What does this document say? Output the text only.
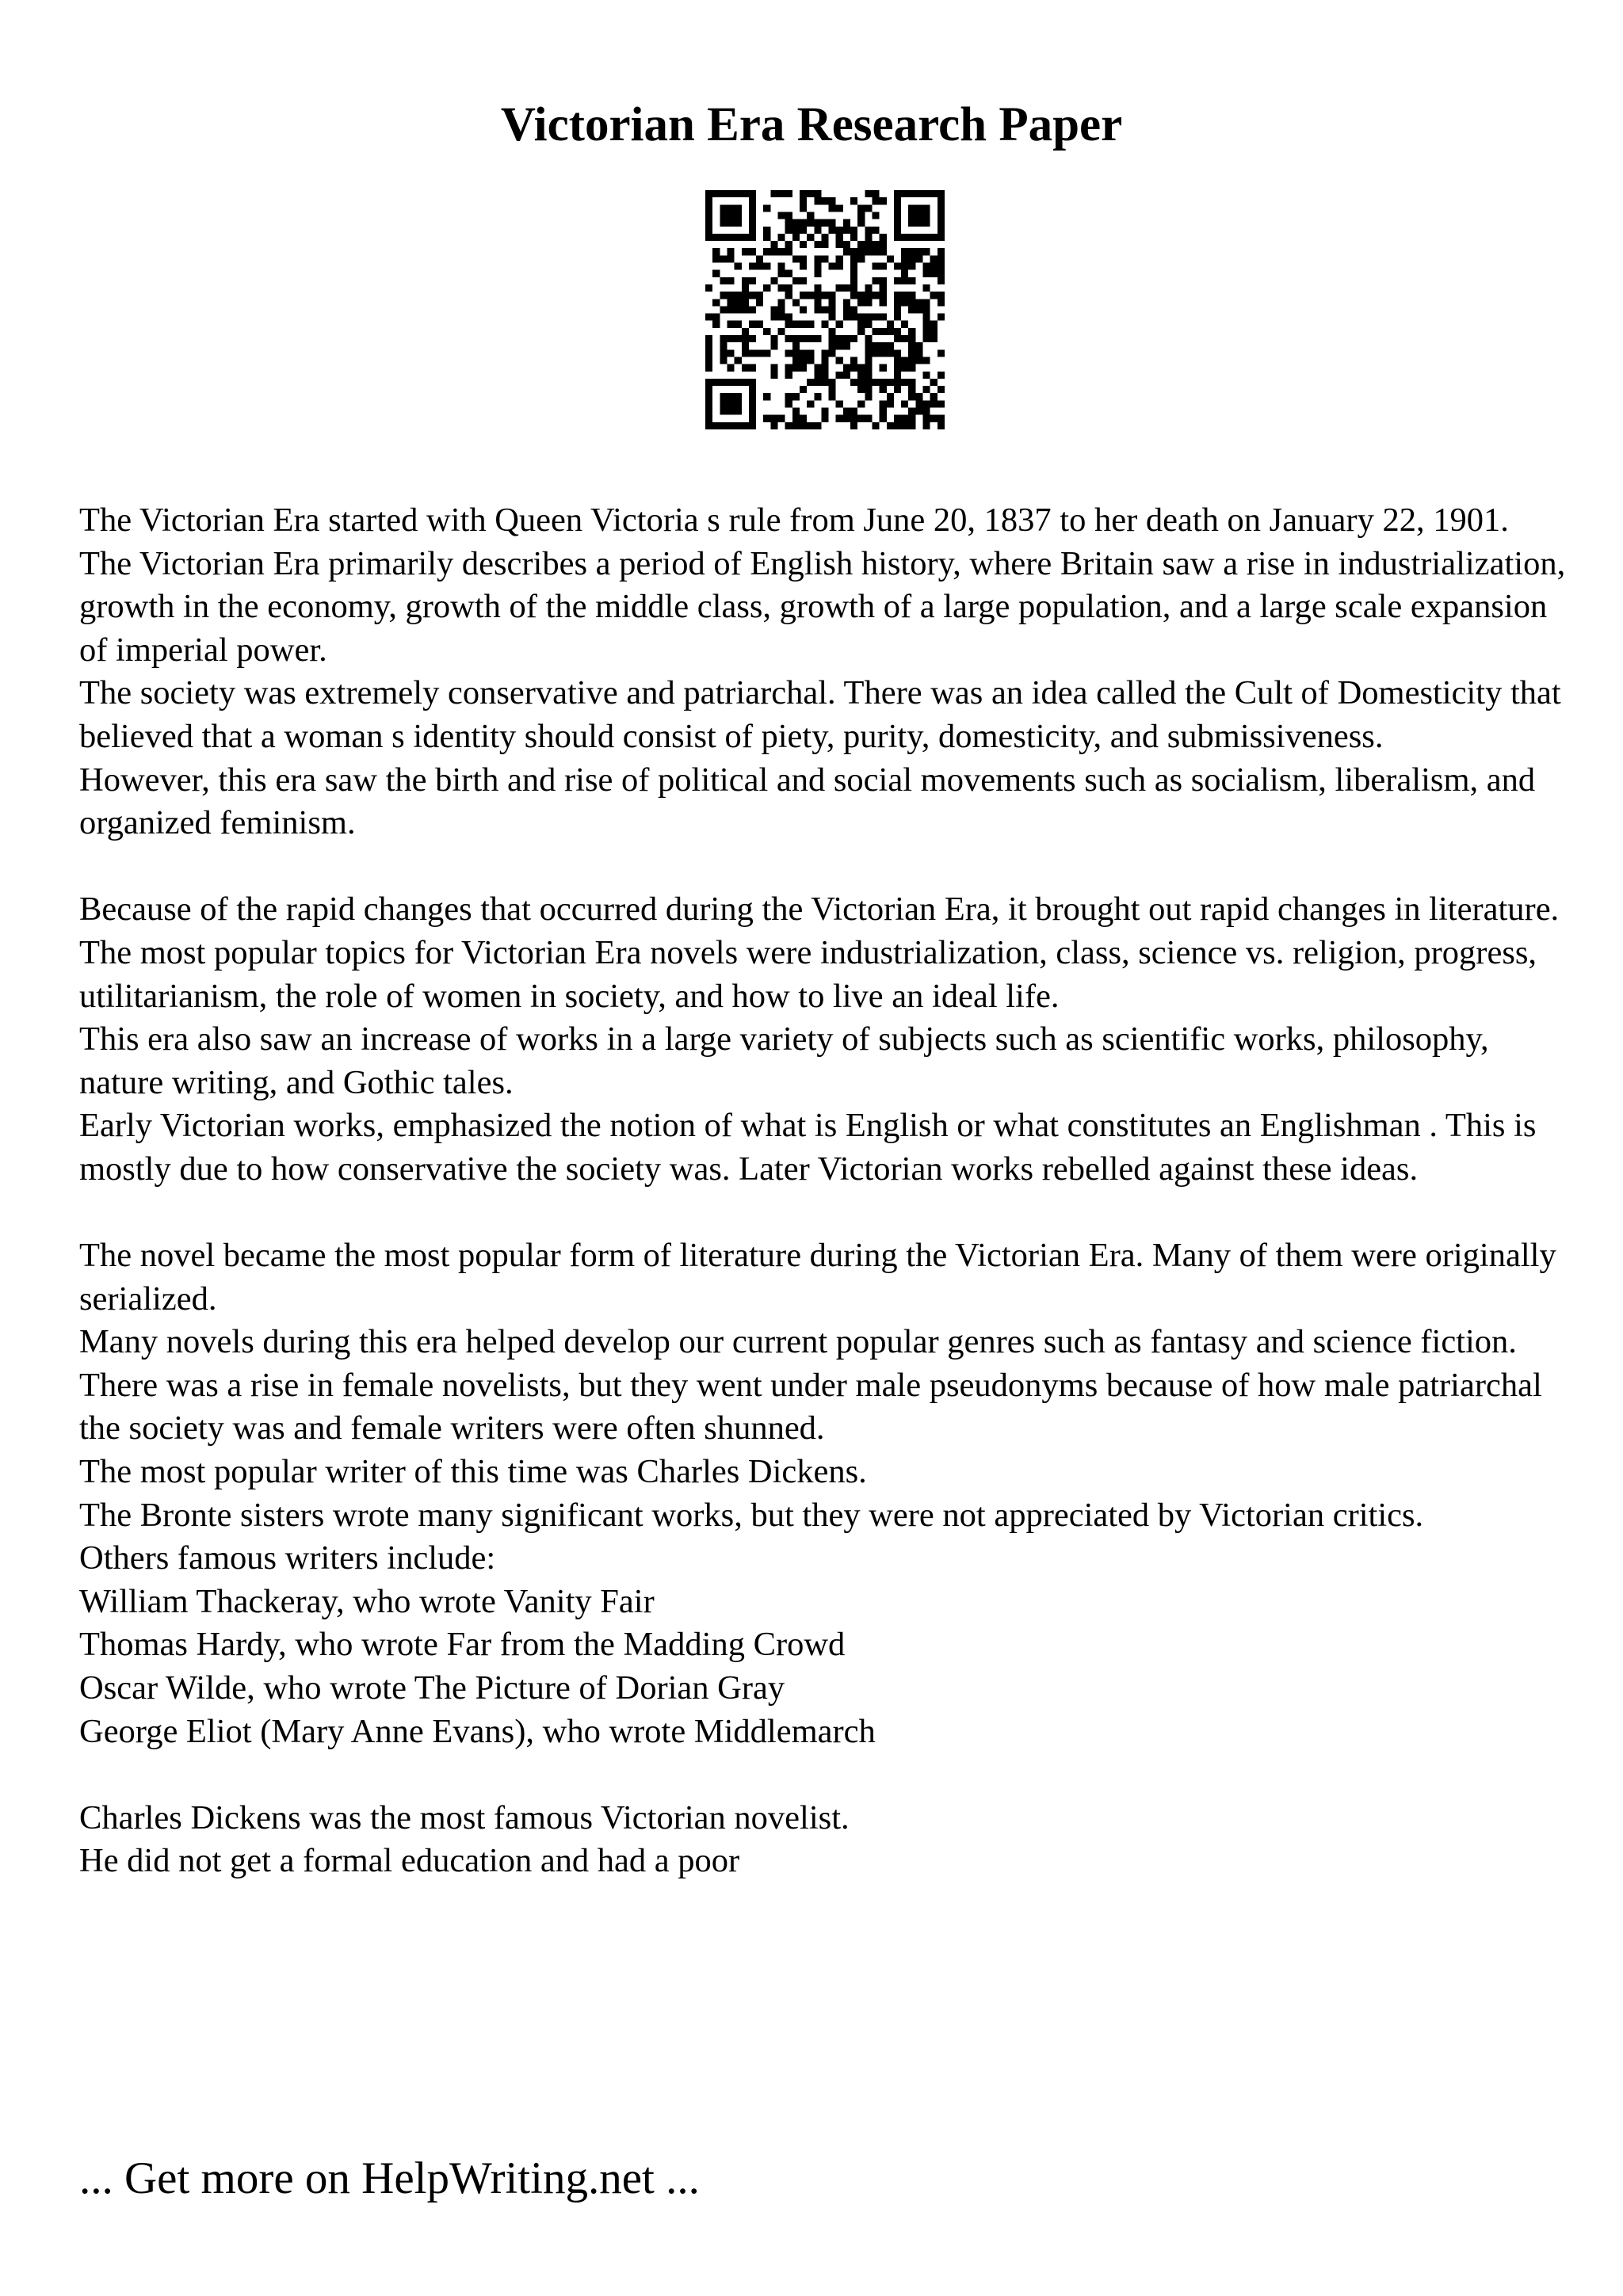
Victorian Era Research Paper

The Victorian Era started with Queen Victoria s rule from June 20, 1837 to her death on January 22, 1901.

The Victorian Era primarily describes a period of English history, where Britain saw a rise in industrialization, growth in the economy, growth of the middle class, growth of a large population, and a large scale expansion of imperial power.

The society was extremely conservative and patriarchal. There was an idea called the Cult of Domesticity that believed that a woman s identity should consist of piety, purity, domesticity, and submissiveness.

However, this era saw the birth and rise of political and social movements such as socialism, liberalism, and organized feminism.

Because of the rapid changes that occurred during the Victorian Era, it brought out rapid changes in literature.

The most popular topics for Victorian Era novels were industrialization, class, science vs. religion, progress, utilitarianism, the role of women in society, and how to live an ideal life.

This era also saw an increase of works in a large variety of subjects such as scientific works, philosophy, nature writing, and Gothic tales.

Early Victorian works, emphasized the notion of what is English or what constitutes an Englishman . This is mostly due to how conservative the society was. Later Victorian works rebelled against these ideas.

The novel became the most popular form of literature during the Victorian Era. Many of them were originally serialized.

Many novels during this era helped develop our current popular genres such as fantasy and science fiction.

There was a rise in female novelists, but they went under male pseudonyms because of how male patriarchal the society was and female writers were often shunned.

The most popular writer of this time was Charles Dickens.

The Bronte sisters wrote many significant works, but they were not appreciated by Victorian critics.

Others famous writers include:

William Thackeray, who wrote Vanity Fair

Thomas Hardy, who wrote Far from the Madding Crowd

Oscar Wilde, who wrote The Picture of Dorian Gray

George Eliot (Mary Anne Evans), who wrote Middlemarch

Charles Dickens was the most famous Victorian novelist.

He did not get a formal education and had a poor

... Get more on HelpWriting.net ...
